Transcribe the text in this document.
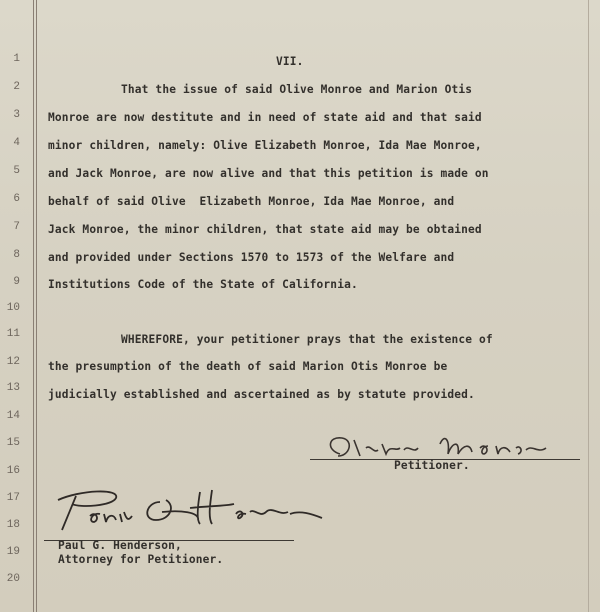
1
2
3
4
5
6
7
8
9
10
11
12
13
14
15
16
17
18
19
20
VII.
That the issue of said Olive Monroe and Marion Otis
Monroe are now destitute and in need of state aid and that said
minor children, namely: Olive Elizabeth Monroe, Ida Mae Monroe,
and Jack Monroe, are now alive and that this petition is made on
behalf of said Olive  Elizabeth Monroe, Ida Mae Monroe, and
Jack Monroe, the minor children, that state aid may be obtained
and provided under Sections 1570 to 1573 of the Welfare and
Institutions Code of the State of California.
WHEREFORE, your petitioner prays that the existence of
the presumption of the death of said Marion Otis Monroe be
judicially established and ascertained as by statute provided.
Petitioner.
Paul G. Henderson,
Attorney for Petitioner.
